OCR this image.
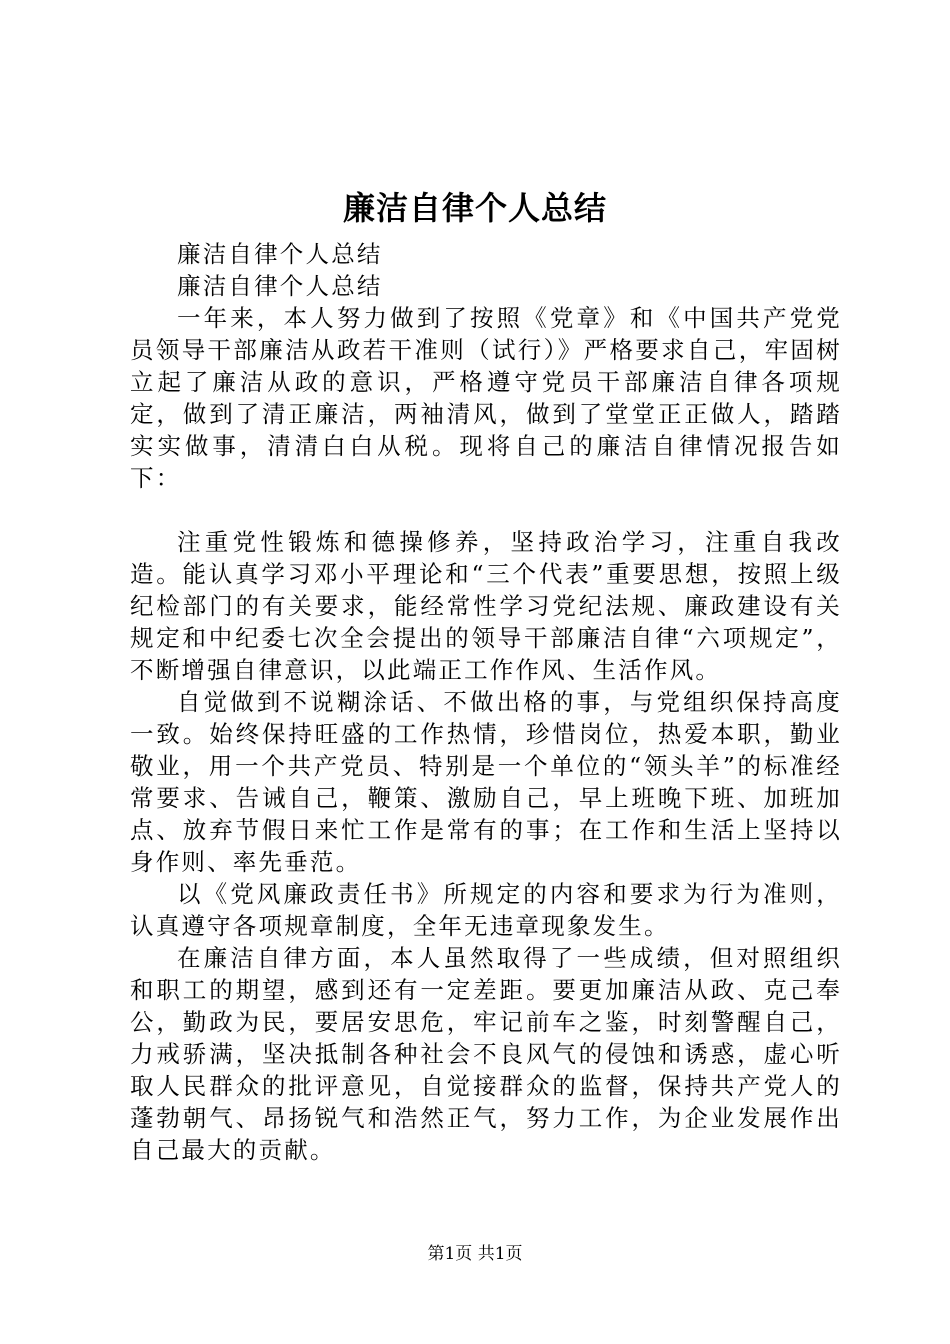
廉洁自律个人总结

廉洁自律个人总结

廉洁自律个人总结

一年来，本人努力做到了按照《党章》和《中国共产党党员领导干部廉洁从政若干准则（试行）》严格要求自己，牢固树立起了廉洁从政的意识，严格遵守党员干部廉洁自律各项规定，做到了清正廉洁，两袖清风，做到了堂堂正正做人，踏踏实实做事，清清白白从税。现将自己的廉洁自律情况报告如下：

注重党性锻炼和德操修养，坚持政治学习，注重自我改造。能认真学习邓小平理论和“三个代表”重要思想，按照上级纪检部门的有关要求，能经常性学习党纪法规、廉政建设有关规定和中纪委七次全会提出的领导干部廉洁自律“六项规定”，不断增强自律意识，以此端正工作作风、生活作风。

自觉做到不说糊涂话、不做出格的事，与党组织保持高度一致。始终保持旺盛的工作热情，珍惜岗位，热爱本职，勤业敬业，用一个共产党员、特别是一个单位的“领头羊”的标准经常要求、告诫自己，鞭策、激励自己，早上班晚下班、加班加点、放弃节假日来忙工作是常有的事；在工作和生活上坚持以身作则、率先垂范。

以《党风廉政责任书》所规定的内容和要求为行为准则，认真遵守各项规章制度，全年无违章现象发生。

在廉洁自律方面，本人虽然取得了一些成绩，但对照组织和职工的期望，感到还有一定差距。要更加廉洁从政、克己奉公，勤政为民，要居安思危，牢记前车之鉴，时刻警醒自己，力戒骄满，坚决抵制各种社会不良风气的侵蚀和诱惑，虚心听取人民群众的批评意见，自觉接群众的监督，保持共产党人的蓬勃朝气、昂扬锐气和浩然正气，努力工作，为企业发展作出自己最大的贡献。

第1页 共1页
